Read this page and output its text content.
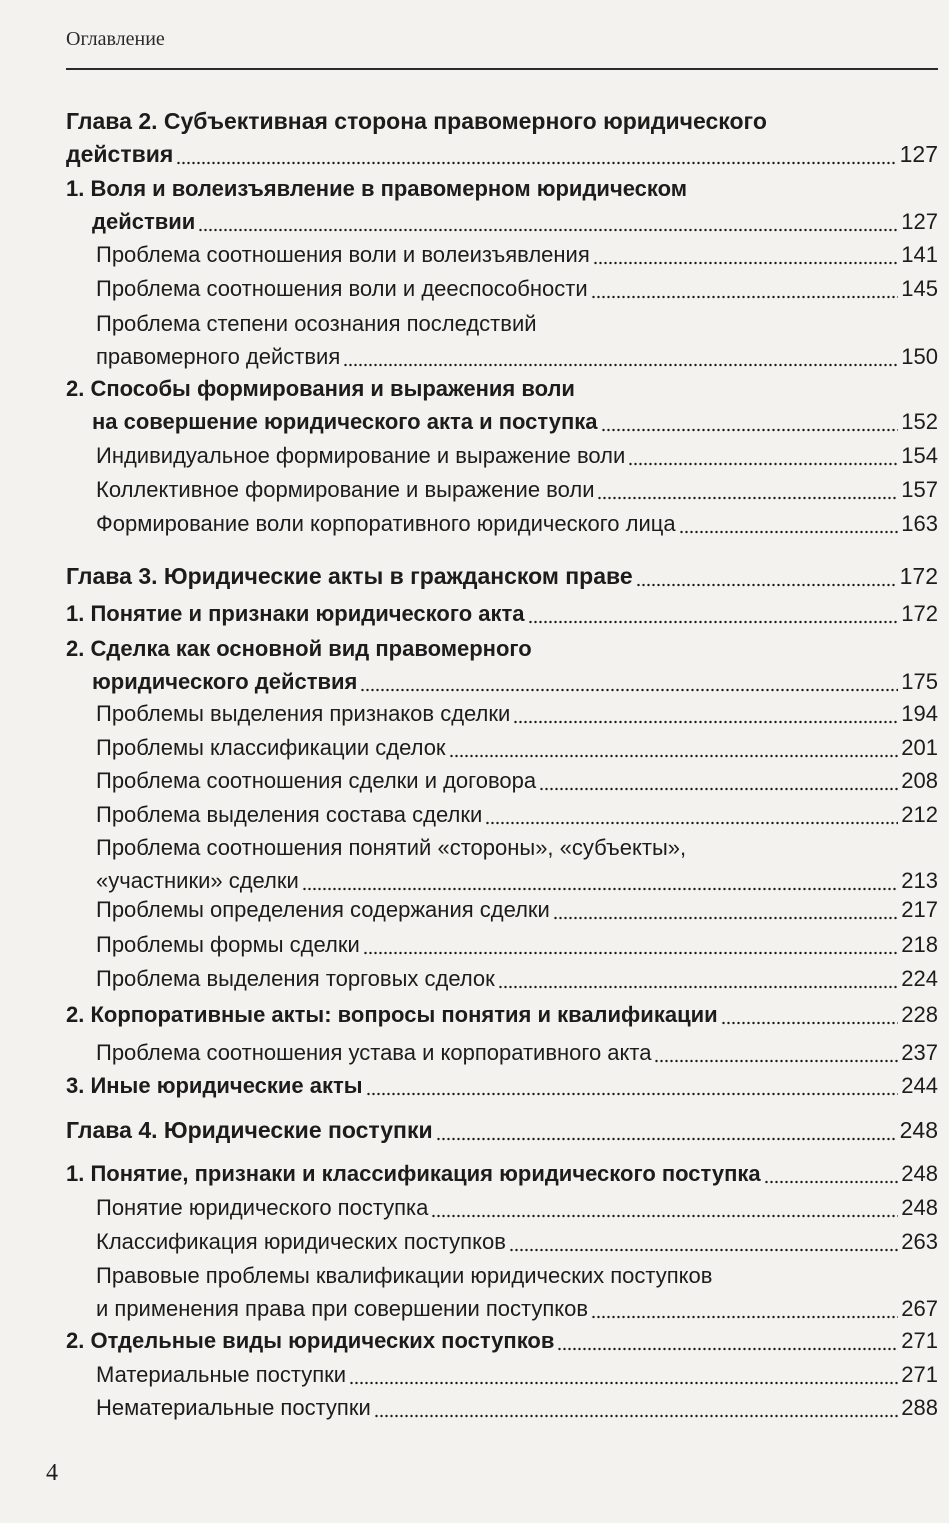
Оглавление
Глава 2. Субъективная сторона правомерного юридического
действия	127
1. Воля и волеизъявление в правомерном юридическом
действии	127
Проблема соотношения воли и волеизъявления	141
Проблема соотношения воли и дееспособности	145
Проблема степени осознания последствий
правомерного действия	150
2. Способы формирования и выражения воли
на совершение юридического акта и поступка	152
Индивидуальное формирование и выражение воли	154
Коллективное формирование и выражение воли	157
Формирование воли корпоративного юридического лица	163
Глава 3. Юридические акты в гражданском праве	172
1. Понятие и признаки юридического акта	172
2. Сделка как основной вид правомерного
юридического действия	175
Проблемы выделения признаков сделки	194
Проблемы классификации сделок	201
Проблема соотношения сделки и договора	208
Проблема выделения состава сделки	212
Проблема соотношения понятий «стороны», «субъекты»,
«участники» сделки	213
Проблемы определения содержания сделки	217
Проблемы формы сделки	218
Проблема выделения торговых сделок	224
2. Корпоративные акты: вопросы понятия и квалификации	228
Проблема соотношения устава и корпоративного акта	237
3. Иные юридические акты	244
Глава 4. Юридические поступки	248
1. Понятие, признаки и классификация юридического поступка	248
Понятие юридического поступка	248
Классификация юридических поступков	263
Правовые проблемы квалификации юридических поступков
и применения права при совершении поступков	267
2. Отдельные виды юридических поступков	271
Материальные поступки	271
Нематериальные поступки	288
4
